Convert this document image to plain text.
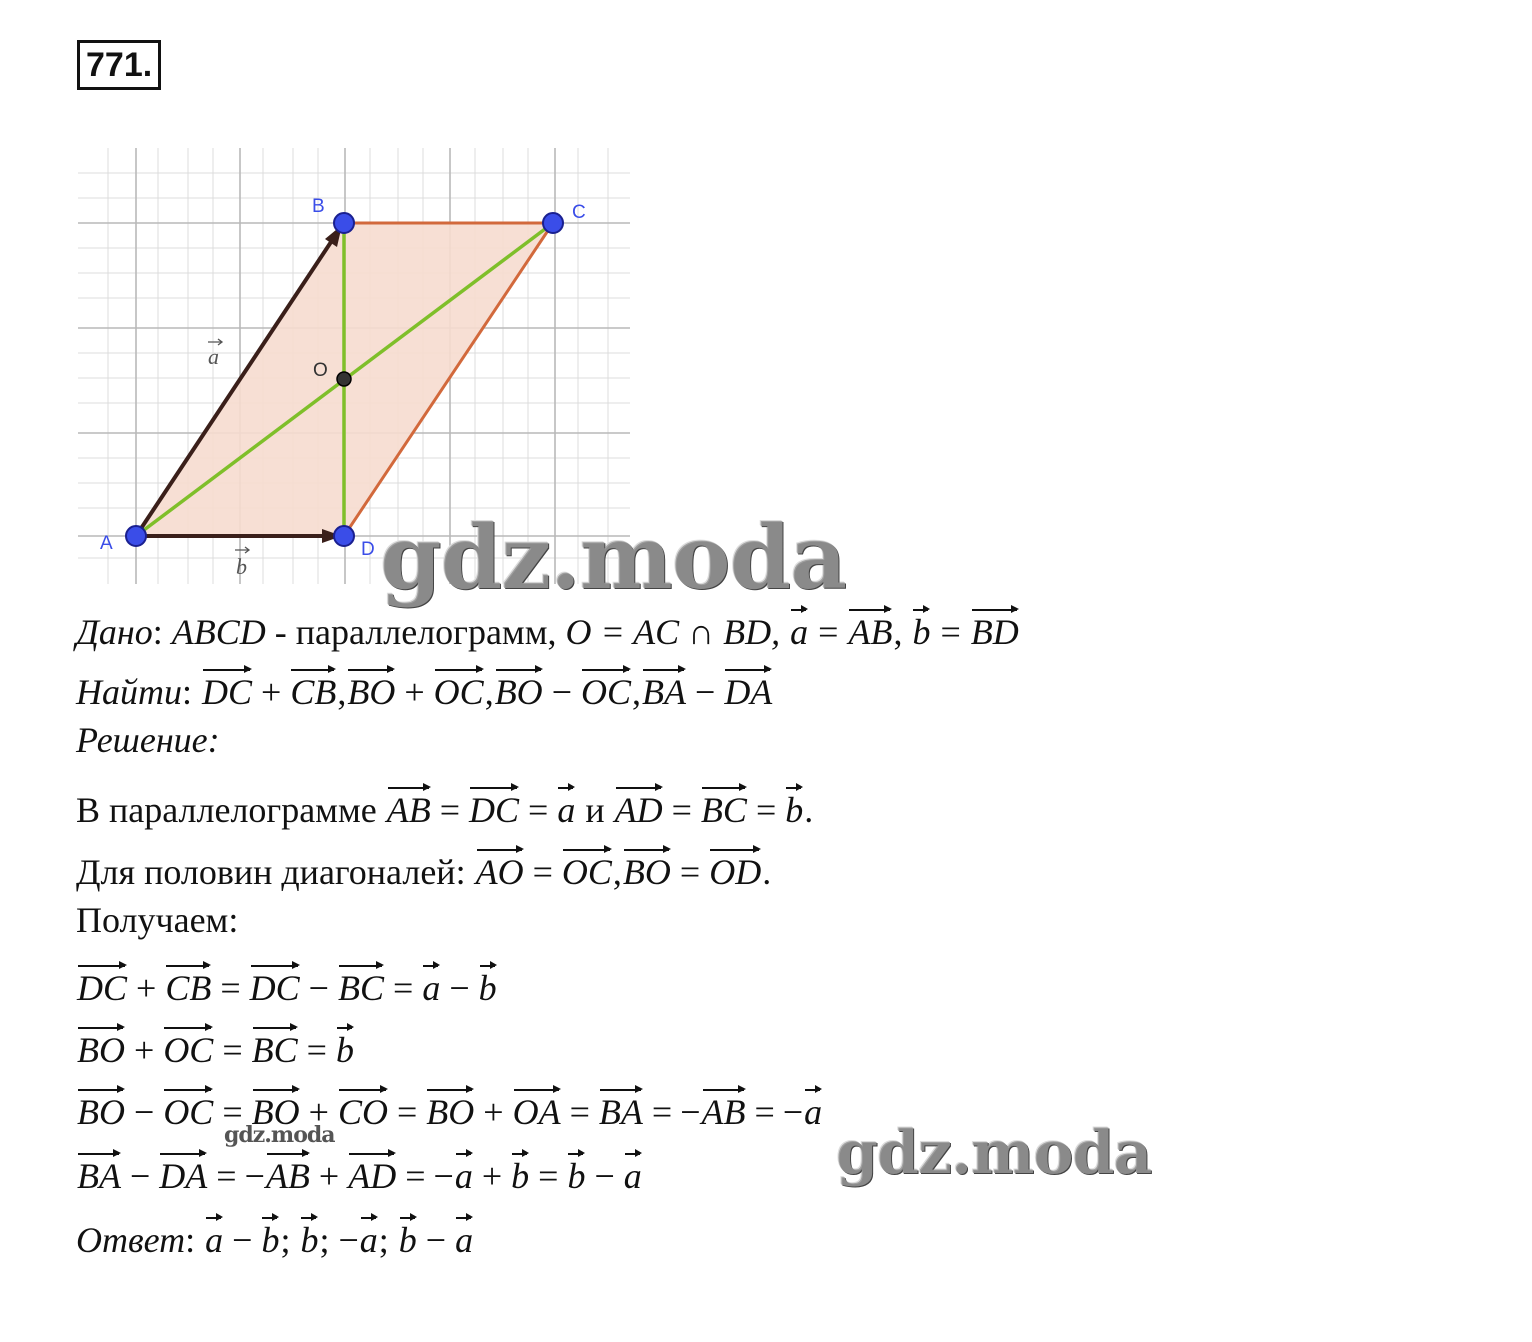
771.
A
B	C
D
O
a
b gdz.moda
Дано: ABCD - параллелограмм, O = AC ∩ BD, a = AB, b = BD
Найти: DC + CB,BO + OC,BO − OC,BA − DA
Решение:
В параллелограмме AB = DC = a и AD = BC = b.
Для половин диагоналей: AO = OC,BO = OD.
Получаем:
DC + CB = DC − BC = a − b
BO + OC = BC = b
BO − OC = BO + CO = BO + OA = BA = −AB = −a
gdz.moda
BA − DA = −AB + AD = −a + b = b − a	gdz.moda
Ответ: a − b; b; −a; b − a
